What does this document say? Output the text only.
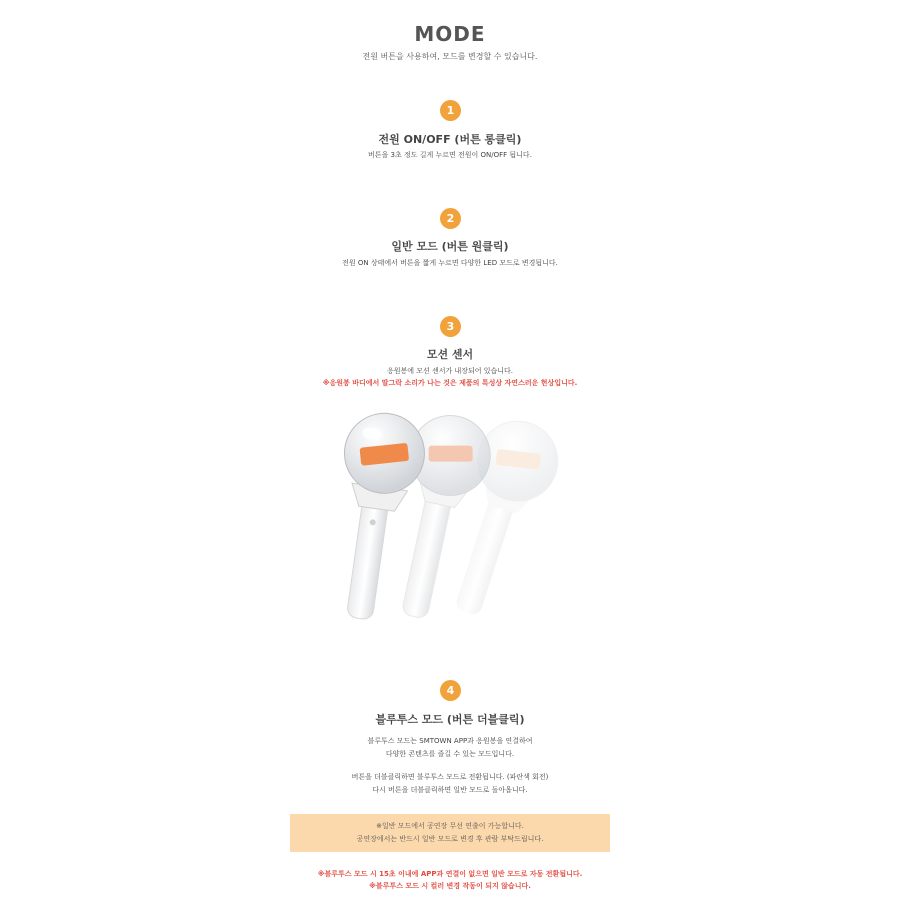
MODE
전원 버튼을 사용하여, 모드를 변경할 수 있습니다.
1
전원 ON/OFF (버튼 롱클릭)
버튼을 3초 정도 길게 누르면 전원이 ON/OFF 됩니다.
2
일반 모드 (버튼 원클릭)
전원 ON 상태에서 버튼을 짧게 누르면 다양한 LED 모드로 변경됩니다.
3
모션 센서
응원봉에 모션 센서가 내장되어 있습니다.
※응원봉 바디에서 딸그락 소리가 나는 것은 제품의 특성상 자연스러운 현상입니다.
4
블루투스 모드 (버튼 더블클릭)
블루투스 모드는 SMTOWN APP과 응원봉을 연결하여
다양한 콘텐츠를 즐길 수 있는 모드입니다.
버튼을 더블클릭하면 블루투스 모드로 전환됩니다. (파란색 회전)
다시 버튼을 더블클릭하면 일반 모드로 돌아옵니다.
※일반 모드에서 공연장 무선 연출이 가능합니다.
공연장에서는 반드시 일반 모드로 변경 후 관람 부탁드립니다.
※블루투스 모드 시 15초 이내에 APP과 연결이 없으면 일반 모드로 자동 전환됩니다.
※블루투스 모드 시 컬러 변경 작동이 되지 않습니다.
